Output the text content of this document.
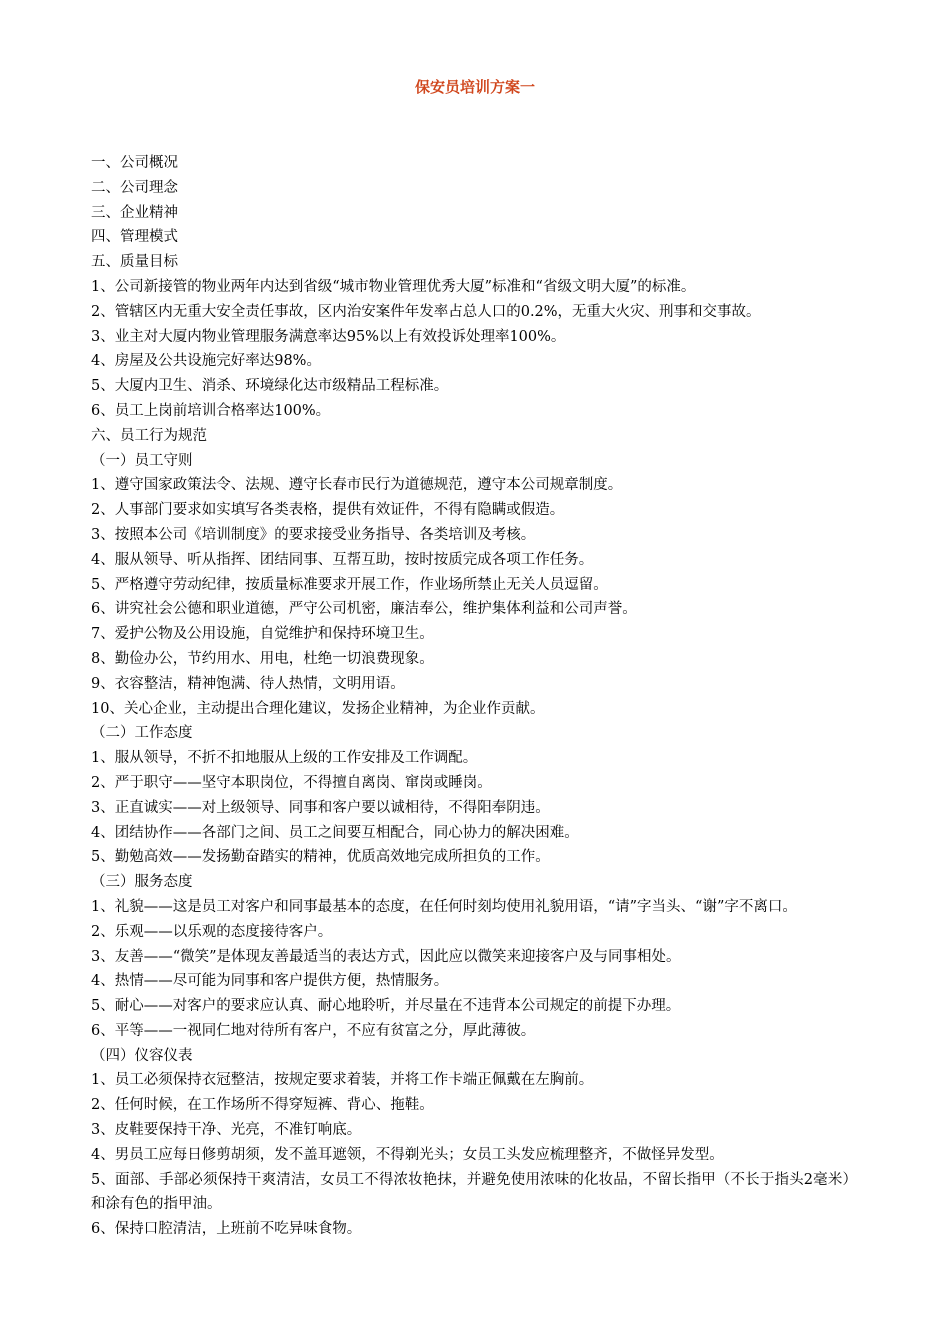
保安员培训方案一
一、公司概况
二、公司理念
三、企业精神
四、管理模式
五、质量目标
1、公司新接管的物业两年内达到省级“城市物业管理优秀大厦”标准和“省级文明大厦”的标准。
2、管辖区内无重大安全责任事故，区内治安案件年发率占总人口的0.2%，无重大火灾、刑事和交事故。
3、业主对大厦内物业管理服务满意率达95%以上有效投诉处理率100%。
4、房屋及公共设施完好率达98%。
5、大厦内卫生、消杀、环境绿化达市级精品工程标准。
6、员工上岗前培训合格率达100%。
六、员工行为规范
（一）员工守则
1、遵守国家政策法令、法规、遵守长春市民行为道德规范，遵守本公司规章制度。
2、人事部门要求如实填写各类表格，提供有效证件，不得有隐瞒或假造。
3、按照本公司《培训制度》的要求接受业务指导、各类培训及考核。
4、服从领导、听从指挥、团结同事、互帮互助，按时按质完成各项工作任务。
5、严格遵守劳动纪律，按质量标准要求开展工作，作业场所禁止无关人员逗留。
6、讲究社会公德和职业道德，严守公司机密，廉洁奉公，维护集体利益和公司声誉。
7、爱护公物及公用设施，自觉维护和保持环境卫生。
8、勤俭办公，节约用水、用电，杜绝一切浪费现象。
9、衣容整洁，精神饱满、待人热情，文明用语。
10、关心企业，主动提出合理化建议，发扬企业精神，为企业作贡献。
（二）工作态度
1、服从领导，不折不扣地服从上级的工作安排及工作调配。
2、严于职守——坚守本职岗位，不得擅自离岗、窜岗或睡岗。
3、正直诚实——对上级领导、同事和客户要以诚相待，不得阳奉阴违。
4、团结协作——各部门之间、员工之间要互相配合，同心协力的解决困难。
5、勤勉高效——发扬勤奋踏实的精神，优质高效地完成所担负的工作。
（三）服务态度
1、礼貌——这是员工对客户和同事最基本的态度，在任何时刻均使用礼貌用语，“请”字当头、“谢”字不离口。
2、乐观——以乐观的态度接待客户。
3、友善——“微笑”是体现友善最适当的表达方式，因此应以微笑来迎接客户及与同事相处。
4、热情——尽可能为同事和客户提供方便，热情服务。
5、耐心——对客户的要求应认真、耐心地聆听，并尽量在不违背本公司规定的前提下办理。
6、平等——一视同仁地对待所有客户，不应有贫富之分，厚此薄彼。
（四）仪容仪表
1、员工必须保持衣冠整洁，按规定要求着装，并将工作卡端正佩戴在左胸前。
2、任何时候，在工作场所不得穿短裤、背心、拖鞋。
3、皮鞋要保持干净、光亮，不准钉响底。
4、男员工应每日修剪胡须，发不盖耳遮领，不得剃光头；女员工头发应梳理整齐，不做怪异发型。
5、面部、手部必须保持干爽清洁，女员工不得浓妆艳抹，并避免使用浓味的化妆品，不留长指甲（不长于指头2毫米）和涂有色的指甲油。
6、保持口腔清洁，上班前不吃异味食物。
